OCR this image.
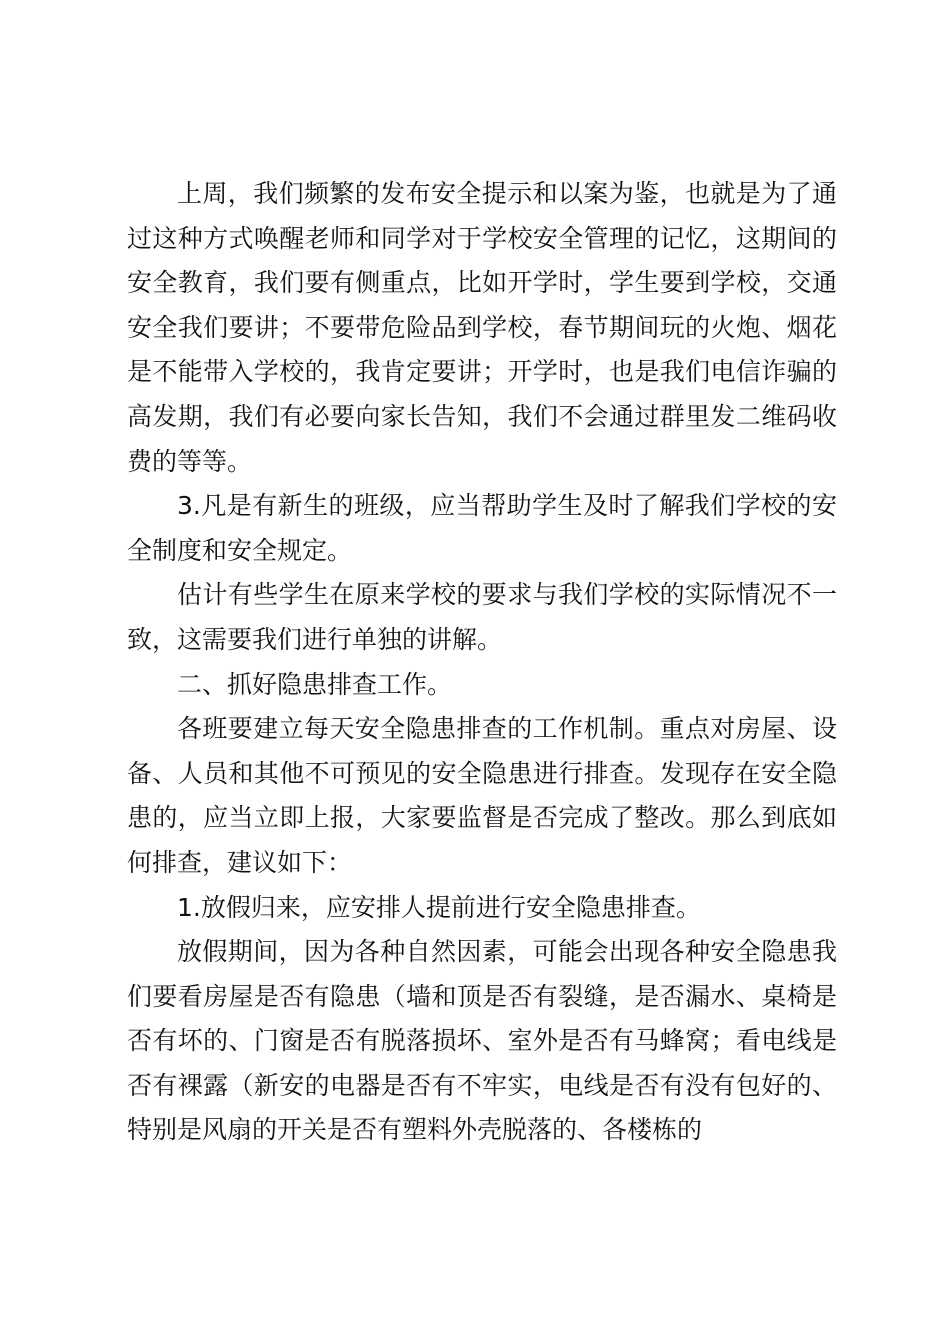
上周，我们频繁的发布安全提示和以案为鉴，也就是为了通过这种方式唤醒老师和同学对于学校安全管理的记忆，这期间的安全教育，我们要有侧重点，比如开学时，学生要到学校，交通安全我们要讲；不要带危险品到学校，春节期间玩的火炮、烟花是不能带入学校的，我肯定要讲；开学时，也是我们电信诈骗的高发期，我们有必要向家长告知，我们不会通过群里发二维码收费的等等。

3.凡是有新生的班级，应当帮助学生及时了解我们学校的安全制度和安全规定。

估计有些学生在原来学校的要求与我们学校的实际情况不一致，这需要我们进行单独的讲解。

二、抓好隐患排查工作。

各班要建立每天安全隐患排查的工作机制。重点对房屋、设备、人员和其他不可预见的安全隐患进行排查。发现存在安全隐患的，应当立即上报，大家要监督是否完成了整改。那么到底如何排查，建议如下：

1.放假归来，应安排人提前进行安全隐患排查。

放假期间，因为各种自然因素，可能会出现各种安全隐患我们要看房屋是否有隐患（墙和顶是否有裂缝，是否漏水、桌椅是否有坏的、门窗是否有脱落损坏、室外是否有马蜂窝；看电线是否有裸露（新安的电器是否有不牢实，电线是否有没有包好的、特别是风扇的开关是否有塑料外壳脱落的、各楼栋的
